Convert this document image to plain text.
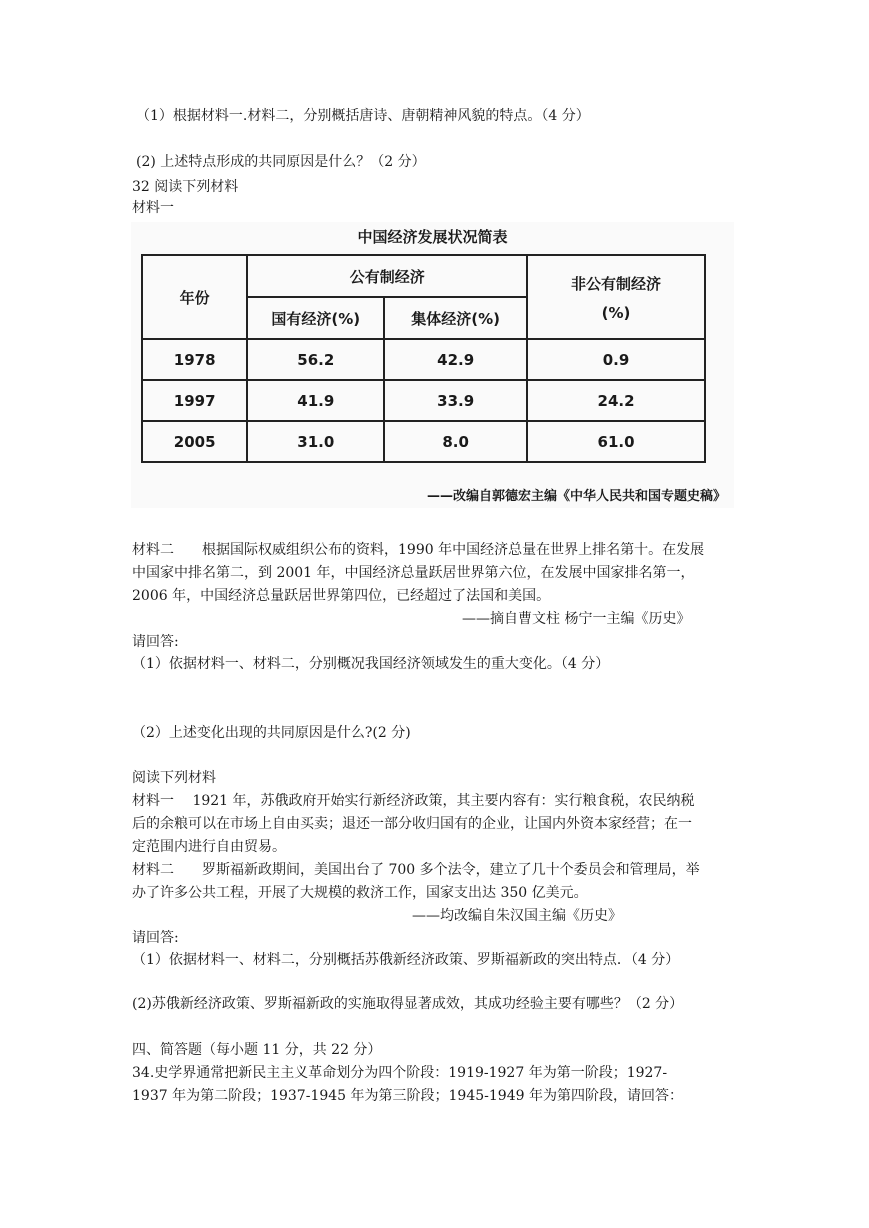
（1）根据材料一.材料二，分别概括唐诗、唐朝精神风貌的特点。（4 分）
(2) 上述特点形成的共同原因是什么？（2 分）
32 阅读下列材料
材料一
中国经济发展状况简表
年份	公有制经济		非公有制经济
(%)

	国有经济(%)	集体经济(%)	
1978	56.2	42.9	0.9
1997	41.9	33.9	24.2
2005	31.0	8.0	61.0
——改编自郭德宏主编《中华人民共和国专题史稿》
材料二　　根据国际权威组织公布的资料，1990 年中国经济总量在世界上排名第十。在发展
中国家中排名第二，到 2001 年，中国经济总量跃居世界第六位，在发展中国家排名第一，
2006 年，中国经济总量跃居世界第四位，已经超过了法国和美国。
——摘自曹文柱 杨宁一主编《历史》
请回答:
（1）依据材料一、材料二，分别概况我国经济领域发生的重大变化。（4 分）
（2）上述变化出现的共同原因是什么?(2 分)
阅读下列材料
材料一　 1921 年，苏俄政府开始实行新经济政策，其主要内容有：实行粮食税，农民纳税
后的余粮可以在市场上自由买卖；退还一部分收归国有的企业，让国内外资本家经营；在一
定范围内进行自由贸易。
材料二　　罗斯福新政期间，美国出台了 700 多个法令，建立了几十个委员会和管理局，举
办了许多公共工程，开展了大规模的救济工作，国家支出达 350 亿美元。
——均改编自朱汉国主编《历史》
请回答:
（1）依据材料一、材料二，分别概括苏俄新经济政策、罗斯福新政的突出特点．（4 分）
(2)苏俄新经济政策、罗斯福新政的实施取得显著成效，其成功经验主要有哪些？（2 分）
四、简答题（每小题 11 分，共 22 分）
34.史学界通常把新民主主义革命划分为四个阶段：1919-1927 年为第一阶段；1927-
1937 年为第二阶段；1937-1945 年为第三阶段；1945-1949 年为第四阶段，请回答：
